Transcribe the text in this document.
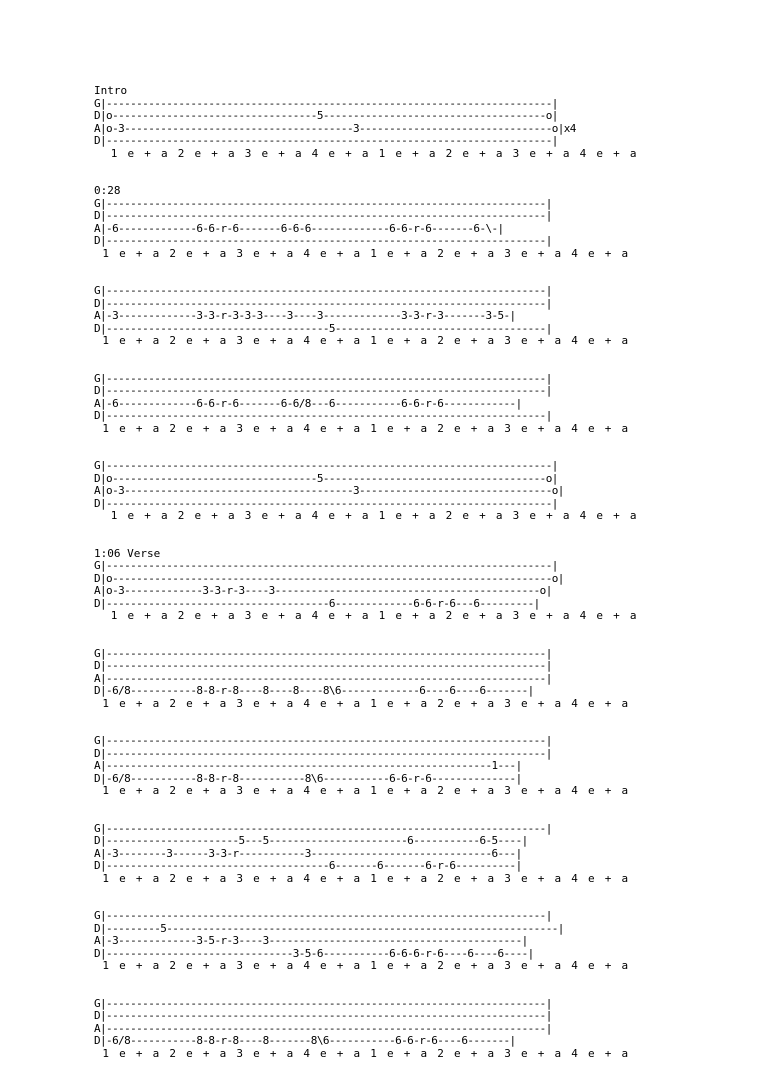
Intro
G|--------------------------------------------------------------------------|
D|o----------------------------------5-------------------------------------o|
A|o-3--------------------------------------3--------------------------------o|x4
D|--------------------------------------------------------------------------|
1 e + a 2 e + a 3 e + a 4 e + a 1 e + a 2 e + a 3 e + a 4 e + a
0:28
G|-------------------------------------------------------------------------|
D|-------------------------------------------------------------------------|
A|-6-------------6-6-r-6-------6-6-6-------------6-6-r-6-------6-\-|
D|-------------------------------------------------------------------------|
1 e + a 2 e + a 3 e + a 4 e + a 1 e + a 2 e + a 3 e + a 4 e + a
G|-------------------------------------------------------------------------|
D|-------------------------------------------------------------------------|
A|-3-------------3-3-r-3-3-3----3----3-------------3-3-r-3-------3-5-|
D|-------------------------------------5-----------------------------------|
1 e + a 2 e + a 3 e + a 4 e + a 1 e + a 2 e + a 3 e + a 4 e + a
G|-------------------------------------------------------------------------|
D|-------------------------------------------------------------------------|
A|-6-------------6-6-r-6-------6-6/8---6-----------6-6-r-6------------|
D|-------------------------------------------------------------------------|
1 e + a 2 e + a 3 e + a 4 e + a 1 e + a 2 e + a 3 e + a 4 e + a
G|--------------------------------------------------------------------------|
D|o----------------------------------5-------------------------------------o|
A|o-3--------------------------------------3--------------------------------o|
D|--------------------------------------------------------------------------|
1 e + a 2 e + a 3 e + a 4 e + a 1 e + a 2 e + a 3 e + a 4 e + a
1:06 Verse
G|--------------------------------------------------------------------------|
D|o-------------------------------------------------------------------------o|
A|o-3-------------3-3-r-3----3--------------------------------------------o|
D|-------------------------------------6-------------6-6-r-6---6---------|
1 e + a 2 e + a 3 e + a 4 e + a 1 e + a 2 e + a 3 e + a 4 e + a
G|-------------------------------------------------------------------------|
D|-------------------------------------------------------------------------|
A|-------------------------------------------------------------------------|
D|-6/8-----------8-8-r-8----8----8----8\6-------------6----6----6-------|
1 e + a 2 e + a 3 e + a 4 e + a 1 e + a 2 e + a 3 e + a 4 e + a
G|-------------------------------------------------------------------------|
D|-------------------------------------------------------------------------|
A|----------------------------------------------------------------1---|
D|-6/8-----------8-8-r-8-----------8\6-----------6-6-r-6--------------|
1 e + a 2 e + a 3 e + a 4 e + a 1 e + a 2 e + a 3 e + a 4 e + a
G|-------------------------------------------------------------------------|
D|----------------------5---5-----------------------6-----------6-5----|
A|-3--------3------3-3-r-----------3------------------------------6---|
D|-------------------------------------6-------6-------6-r-6----------|
1 e + a 2 e + a 3 e + a 4 e + a 1 e + a 2 e + a 3 e + a 4 e + a
G|-------------------------------------------------------------------------|
D|---------5-----------------------------------------------------------------|
A|-3-------------3-5-r-3----3------------------------------------------|
D|-------------------------------3-5-6-----------6-6-6-r-6----6----6----|
1 e + a 2 e + a 3 e + a 4 e + a 1 e + a 2 e + a 3 e + a 4 e + a
G|-------------------------------------------------------------------------|
D|-------------------------------------------------------------------------|
A|-------------------------------------------------------------------------|
D|-6/8-----------8-8-r-8----8-------8\6-----------6-6-r-6----6-------|
1 e + a 2 e + a 3 e + a 4 e + a 1 e + a 2 e + a 3 e + a 4 e + a
